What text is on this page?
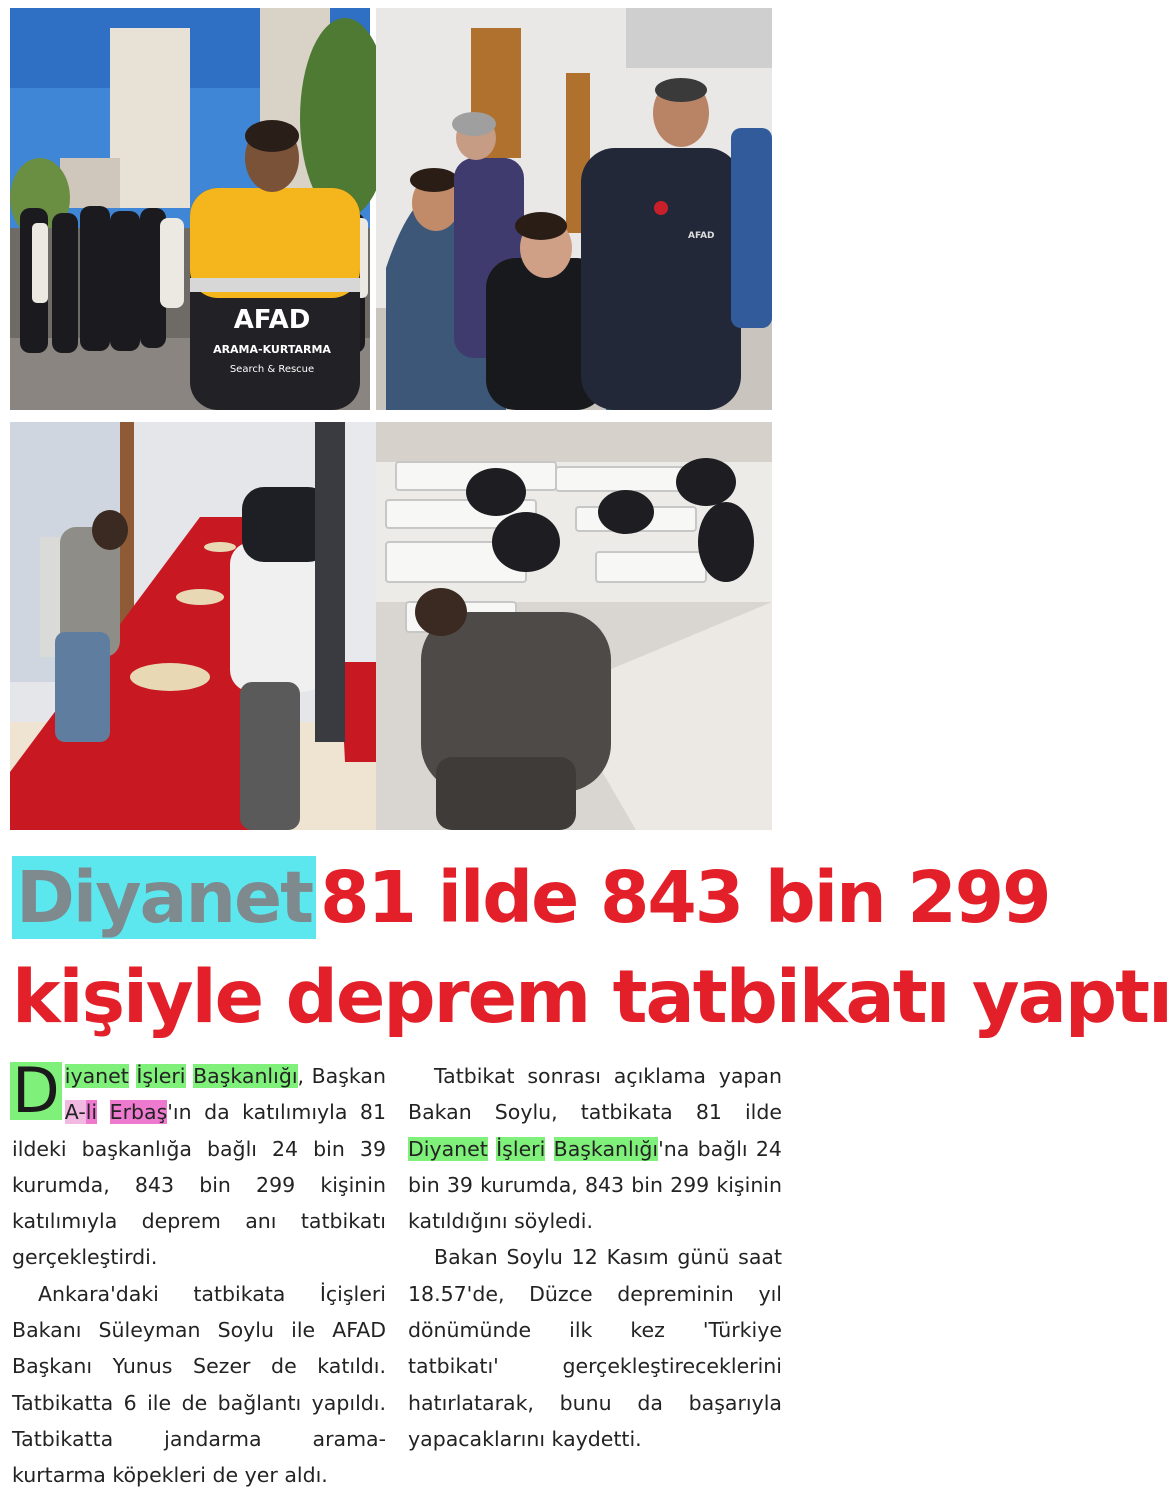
AFAD
ARAMA-KURTARMA
Search & Rescue
AFAD
Diyanet 81 ilde 843 bin 299
kişiyle deprem tatbikatı yaptı

D iyanet İşleri Başkanlığı, Başkan A-li Erbaş'ın da katılımıyla 81 ildeki başkanlığa bağlı 24 bin 39 kurumda, 843 bin 299 kişinin katılımıyla deprem anı tatbikatı gerçekleştirdi.

Ankara'daki tatbikata İçişleri Bakanı Süleyman Soylu ile AFAD Başkanı Yunus Sezer de katıldı. Tatbikatta 6 ile de bağlantı yapıldı. Tatbikatta jandarma arama- kurtarma köpekleri de yer aldı.

Tatbikat sonrası açıklama yapan Bakan Soylu, tatbikata 81 ilde Diyanet İşleri Başkanlığı'na bağlı 24 bin 39 kurumda, 843 bin 299 kişinin katıldığını söyledi.

Bakan Soylu 12 Kasım günü saat 18.57'de, Düzce depreminin yıl dönümünde ilk kez 'Türkiye tatbikatı' gerçekleştireceklerini hatırlatarak, bunu da başarıyla yapacaklarını kaydetti.
